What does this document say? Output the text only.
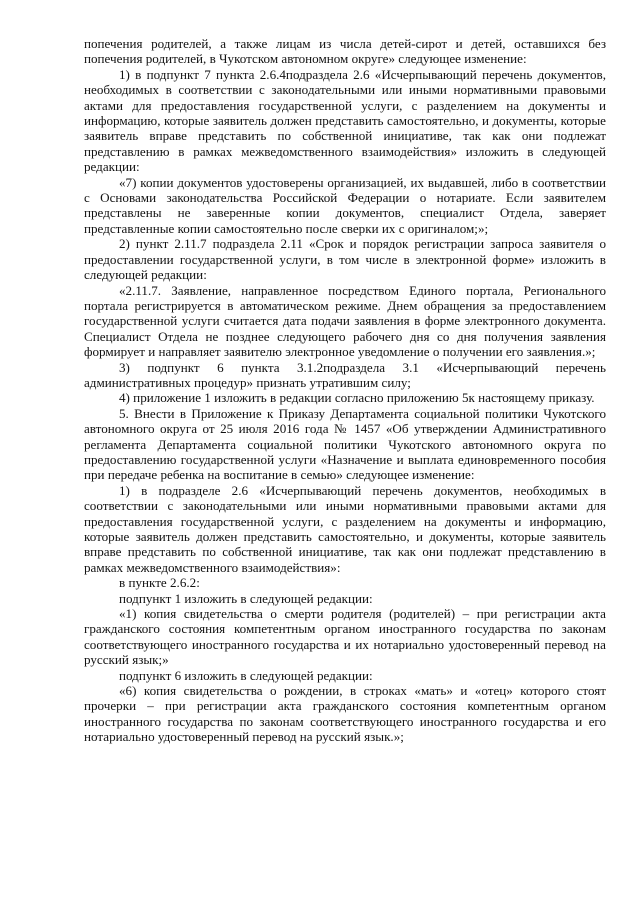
попечения родителей, а также лицам из числа детей-сирот и детей, оставшихся без попечения родителей, в Чукотском автономном округе» следующее изменение:

1) в подпункт 7 пункта 2.6.4подраздела 2.6 «Исчерпывающий перечень документов, необходимых в соответствии с законодательными или иными нормативными правовыми актами для предоставления государственной услуги, с разделением на документы и информацию, которые заявитель должен представить самостоятельно, и документы, которые заявитель вправе представить по собственной инициативе, так как они подлежат представлению в рамках межведомственного взаимодействия» изложить в следующей редакции:

«7) копии документов удостоверены организацией, их выдавшей, либо в соответствии с Основами законодательства Российской Федерации о нотариате. Если заявителем представлены не заверенные копии документов, специалист Отдела, заверяет представленные копии самостоятельно после сверки их с оригиналом;»;

2) пункт 2.11.7 подраздела 2.11 «Срок и порядок регистрации запроса заявителя о предоставлении государственной услуги, в том числе в электронной форме» изложить в следующей редакции:

«2.11.7. Заявление, направленное посредством Единого портала, Регионального портала регистрируется в автоматическом режиме. Днем обращения за предоставлением государственной услуги считается дата подачи заявления в форме электронного документа. Специалист Отдела не позднее следующего рабочего дня со дня получения заявления формирует и направляет заявителю электронное уведомление о получении его заявления.»;

3) подпункт 6 пункта 3.1.2подраздела 3.1 «Исчерпывающий перечень административных процедур» признать утратившим силу;

4) приложение 1 изложить в редакции согласно приложению 5к настоящему приказу.

5. Внести в Приложение к Приказу Департамента социальной политики Чукотского автономного округа от 25 июля 2016 года № 1457 «Об утверждении Административного регламента Департамента социальной политики Чукотского автономного округа по предоставлению государственной услуги «Назначение и выплата единовременного пособия при передаче ребенка на воспитание в семью» следующее изменение:

1) в подразделе 2.6 «Исчерпывающий перечень документов, необходимых в соответствии с законодательными или иными нормативными правовыми актами для предоставления государственной услуги, с разделением на документы и информацию, которые заявитель должен представить самостоятельно, и документы, которые заявитель вправе представить по собственной инициативе, так как они подлежат представлению в рамках межведомственного взаимодействия»:

в пункте 2.6.2:

подпункт 1 изложить в следующей редакции:

«1) копия свидетельства о смерти родителя (родителей) – при регистрации акта гражданского состояния компетентным органом иностранного государства по законам соответствующего иностранного государства и их нотариально удостоверенный перевод на русский язык;»

подпункт 6 изложить в следующей редакции:

«6) копия свидетельства о рождении, в строках «мать» и «отец» которого стоят прочерки – при регистрации акта гражданского состояния компетентным органом иностранного государства по законам соответствующего иностранного государства и его нотариально удостоверенный перевод на русский язык.»;
